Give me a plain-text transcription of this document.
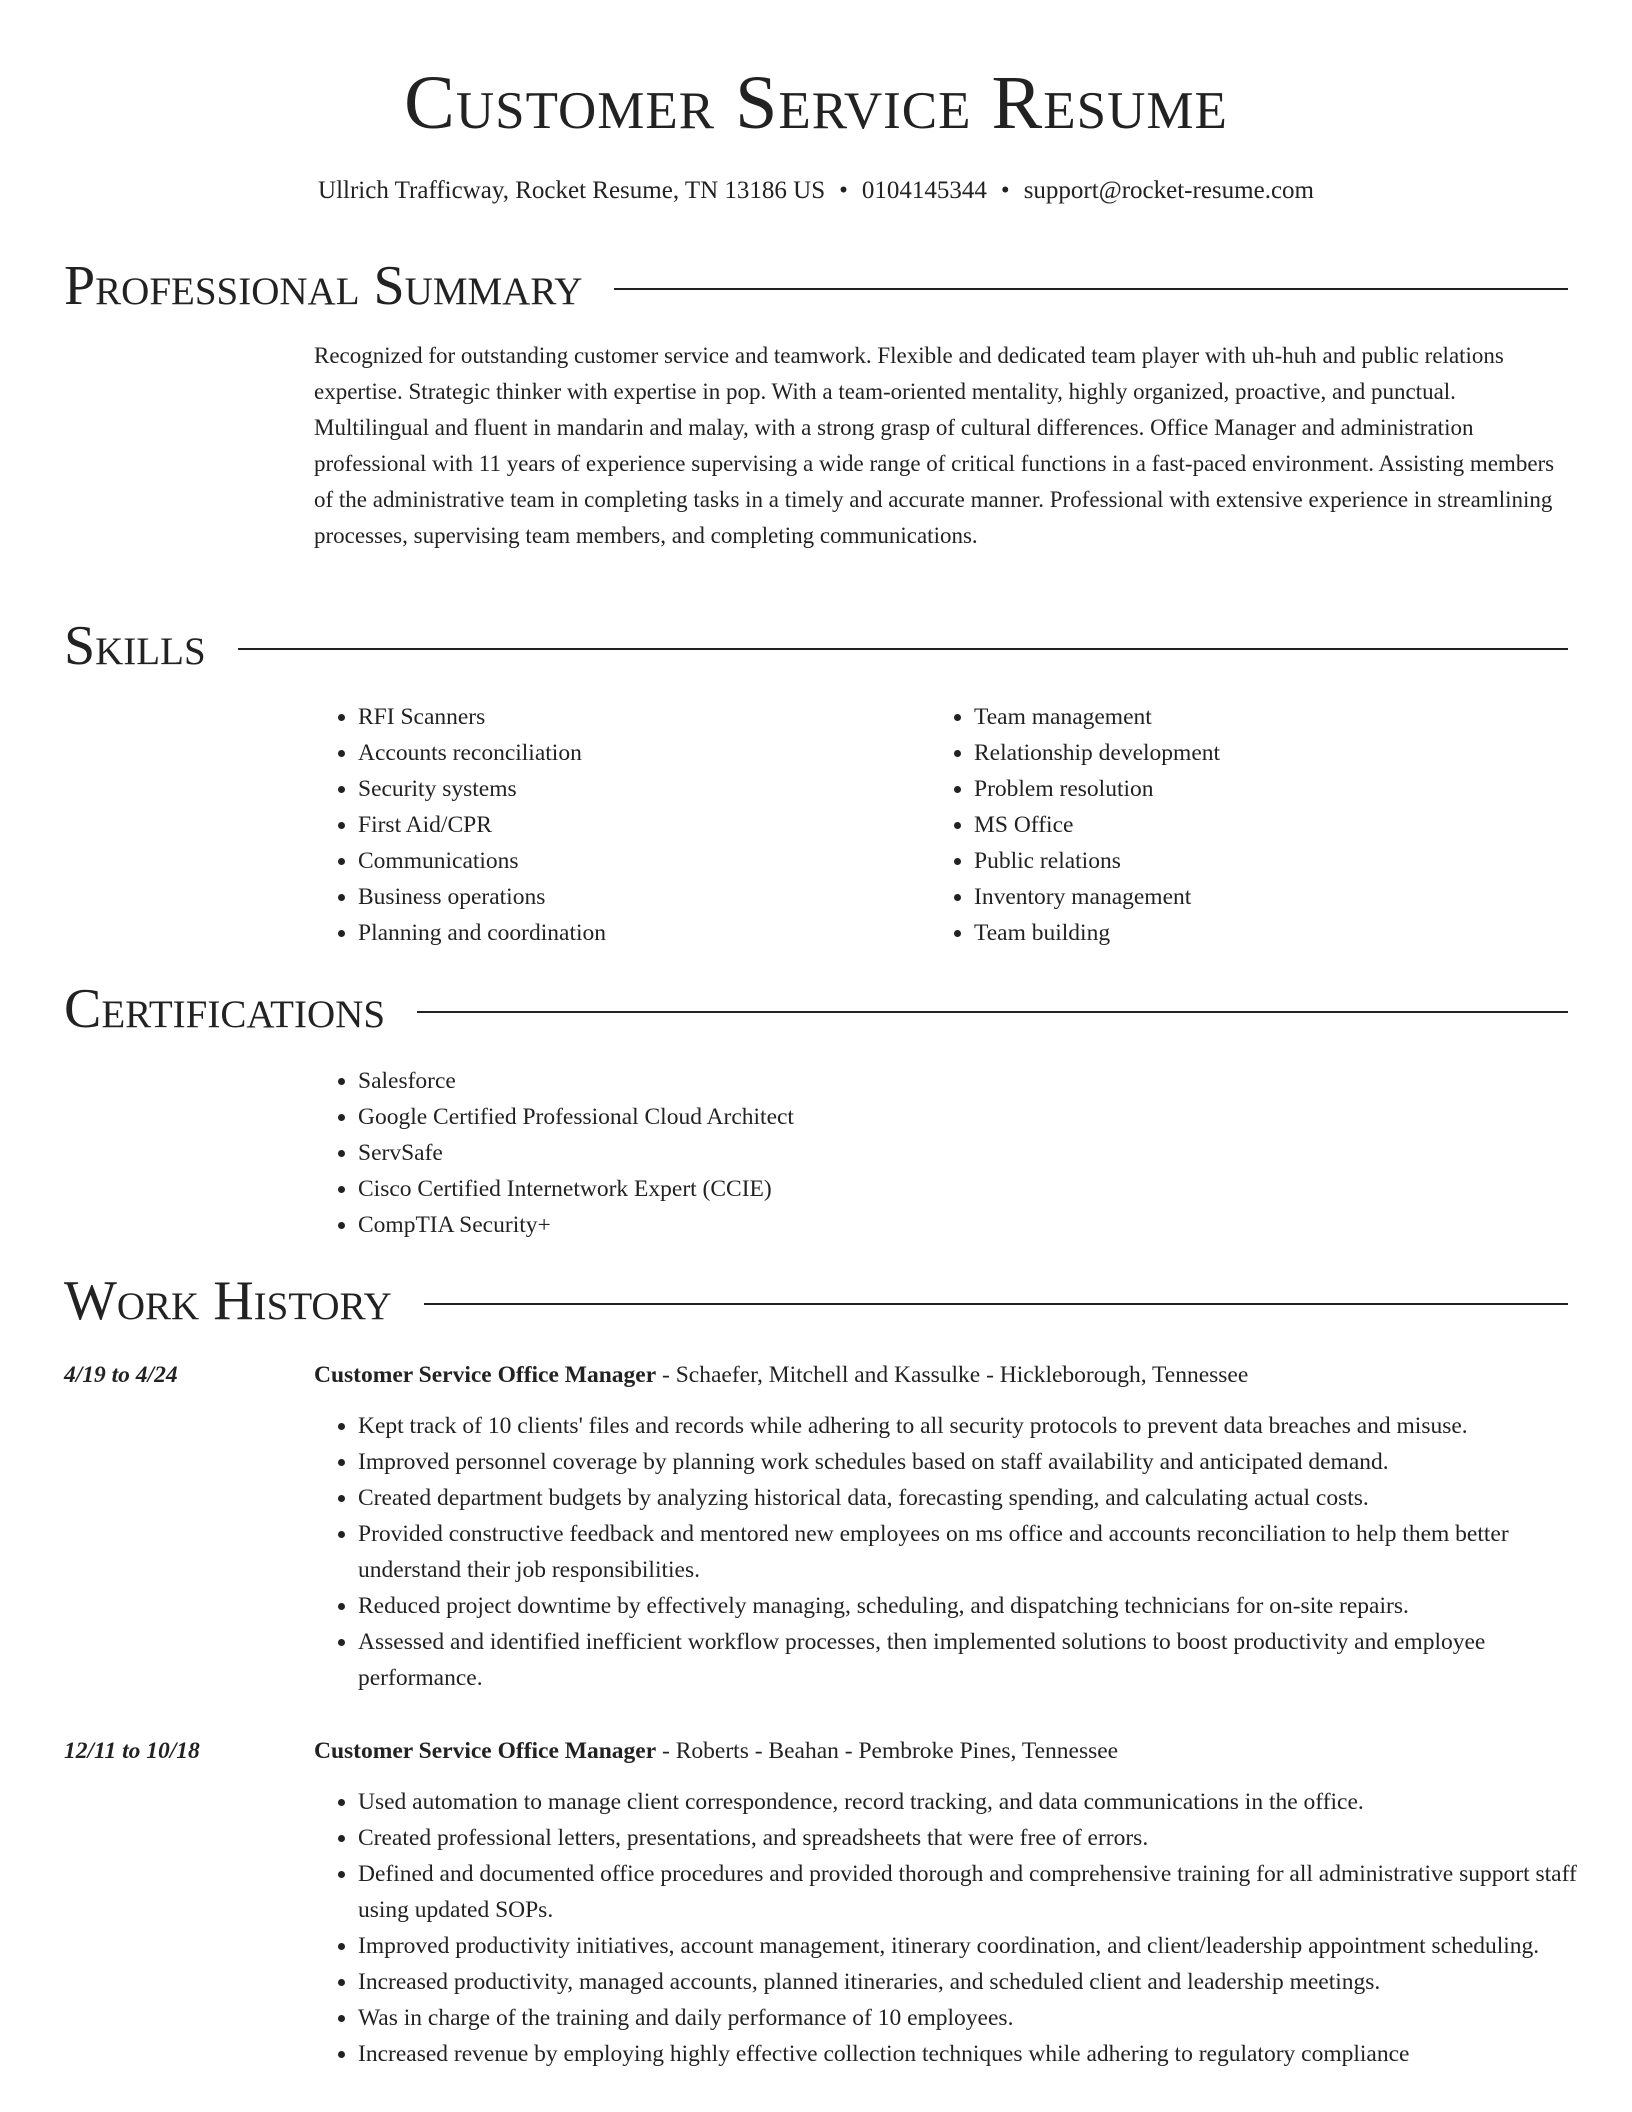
Customer Service Resume
Ullrich Trafficway, Rocket Resume, TN 13186 US • 0104145344 • support@rocket-resume.com
Professional Summary

Recognized for outstanding customer service and teamwork. Flexible and dedicated team player with uh-huh and public relations expertise. Strategic thinker with expertise in pop. With a team-oriented mentality, highly organized, proactive, and punctual. Multilingual and fluent in mandarin and malay, with a strong grasp of cultural differences. Office Manager and administration professional with 11 years of experience supervising a wide range of critical functions in a fast-paced environment. Assisting members of the administrative team in completing tasks in a timely and accurate manner. Professional with extensive experience in streamlining processes, supervising team members, and completing communications.

Skills
• RFI Scanners
• Accounts reconciliation
• Security systems
• First Aid/CPR
• Communications
• Business operations
• Planning and coordination
• Team management
• Relationship development
• Problem resolution
• MS Office
• Public relations
• Inventory management
• Team building
Certifications
• Salesforce
• Google Certified Professional Cloud Architect
• ServSafe
• Cisco Certified Internetwork Expert (CCIE)
• CompTIA Security+
Work History
4/19 to 4/24	Customer Service Office Manager - Schaefer, Mitchell and Kassulke - Hickleborough, Tennessee
• Kept track of 10 clients' files and records while adhering to all security protocols to prevent data breaches and misuse.
• Improved personnel coverage by planning work schedules based on staff availability and anticipated demand.
• Created department budgets by analyzing historical data, forecasting spending, and calculating actual costs.
• Provided constructive feedback and mentored new employees on ms office and accounts reconciliation to help them better understand their job responsibilities.
• Reduced project downtime by effectively managing, scheduling, and dispatching technicians for on-site repairs.
• Assessed and identified inefficient workflow processes, then implemented solutions to boost productivity and employee performance.
12/11 to 10/18	Customer Service Office Manager - Roberts - Beahan - Pembroke Pines, Tennessee
• Used automation to manage client correspondence, record tracking, and data communications in the office.
• Created professional letters, presentations, and spreadsheets that were free of errors.
• Defined and documented office procedures and provided thorough and comprehensive training for all administrative support staff using updated SOPs.
• Improved productivity initiatives, account management, itinerary coordination, and client/leadership appointment scheduling.
• Increased productivity, managed accounts, planned itineraries, and scheduled client and leadership meetings.
• Was in charge of the training and daily performance of 10 employees.
• Increased revenue by employing highly effective collection techniques while adhering to regulatory compliance
